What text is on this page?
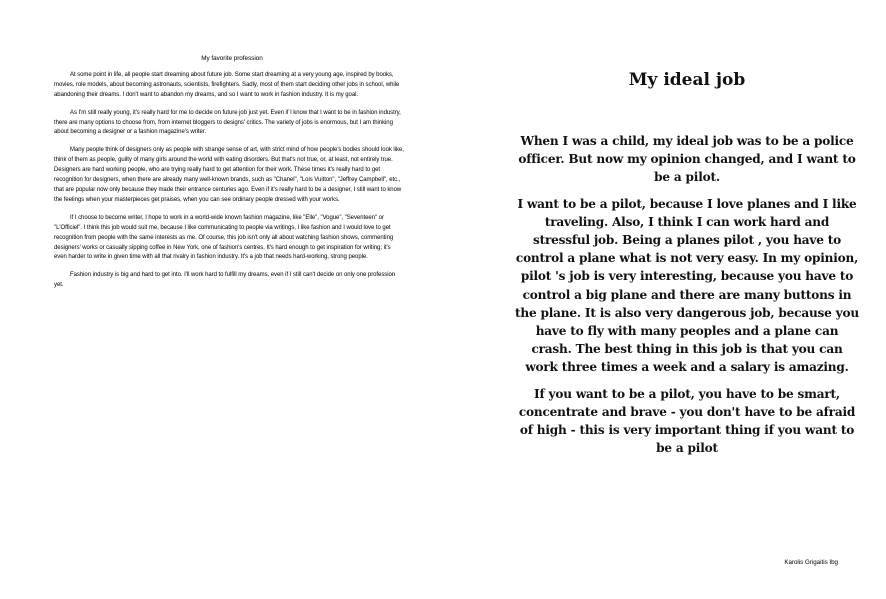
My favorite profession

At some point in life, all people start dreaming about future job. Some start dreaming at a very young age, inspired by books, movies, role models, about becoming astronauts, scientists, firefighters. Sadly, most of them start deciding other jobs in school, while abandoning their dreams. I don't want to abandon my dreams, and so I want to work in fashion industry. It is my goal.

As I'm still really young, it's really hard for me to decide on future job just yet. Even if I know that I want to be in fashion industry, there are many options to choose from, from internet bloggers to designs' critics. The variety of jobs is enormous, but I am thinking about becoming a designer or a fashion magazine's writer.

Many people think of designers only as people with strange sense of art, with strict mind of how people's bodies should look like, think of them as people, guilty of many girls around the world with eating disorders. But that's not true, or, at least, not entirely true. Designers are hard working people, who are trying really hard to get attention for their work. These times it's really hard to get recognition for designers, when there are already many well-known brands, such as "Chanel", "Lois Vuitton", "Jeffrey Campbell", etc., that are popular now only because they made their entrance centuries ago. Even if it's really hard to be a designer, I still want to know the feelings when your masterpieces get praises, when you can see ordinary people dressed with your works.

If I choose to become writer, I hope to work in a world-wide known fashion magazine, like "Elle", "Vogue", "Seventeen" or "L'Officiel". I think this job would suit me, because I like communicating to people via writings, I like fashion and I would love to get recognition from people with the same interests as me. Of course, this job isn't only all about watching fashion shows, commenting designers' works or casually sipping coffee in New York, one of fashion's centres. It's hard enough to get inspiration for writing; it's even harder to write in given time with all that rivalry in fashion industry. It's a job that needs hard-working, strong people.

Fashion industry is big and hard to get into. I'll work hard to fulfill my dreams, even if I still can't decide on only one profession yet.

My ideal job

When I was a child, my ideal job was to be a police officer. But now my opinion changed, and I want to be a pilot.

I want to be a pilot, because I love planes and I like traveling. Also, I think I can work hard and stressful job. Being a planes pilot , you have to control a plane what is not very easy. In my opinion, pilot 's job is very interesting, because you have to control a big plane and there are many buttons in the plane. It is also very dangerous job, because you have to fly with many peoples and a plane can crash. The best thing in this job is that you can work three times a week and a salary is amazing.

If you want to be a pilot, you have to be smart, concentrate and brave - you don't have to be afraid of high - this is very important thing if you want to be a pilot

Karolis Grigaitis Ibg
